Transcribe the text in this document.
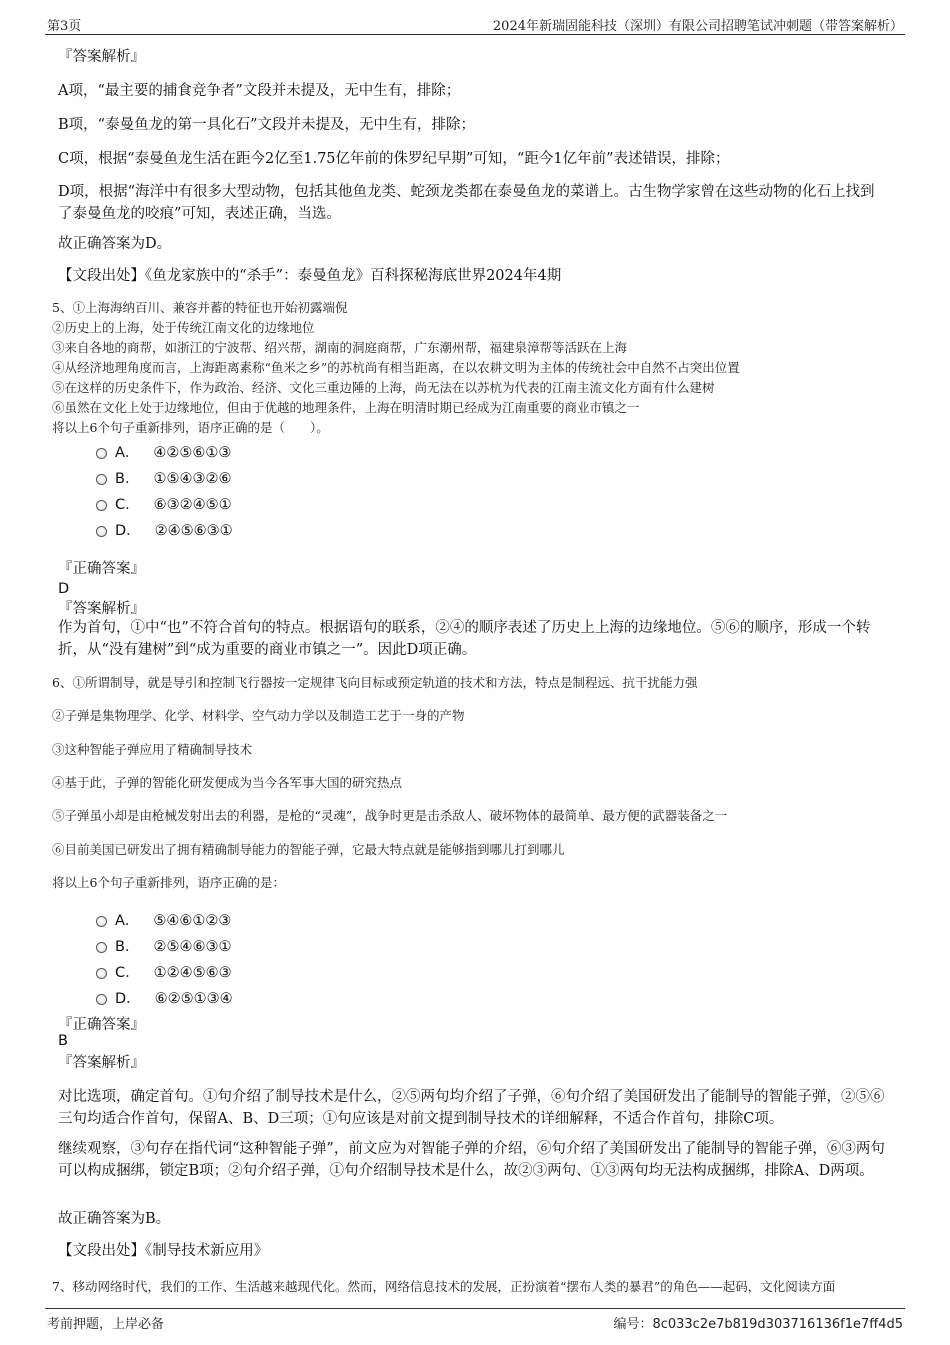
第3页	2024年新瑞固能科技（深圳）有限公司招聘笔试冲刺题（带答案解析）
『答案解析』
A项，“最主要的捕食竞争者”文段并未提及，无中生有，排除；
B项，“泰曼鱼龙的第一具化石”文段并未提及，无中生有，排除；
C项，根据“泰曼鱼龙生活在距今2亿至1.75亿年前的侏罗纪早期”可知，“距今1亿年前”表述错误，排除；
D项，根据“海洋中有很多大型动物，包括其他鱼龙类、蛇颈龙类都在泰曼鱼龙的菜谱上。古生物学家曾在这些动物的化石上找到了泰曼鱼龙的咬痕”可知，表述正确，当选。
故正确答案为D。
【文段出处】《鱼龙家族中的“杀手”：泰曼鱼龙》百科探秘海底世界2024年4期
5、①上海海纳百川、兼容并蓄的特征也开始初露端倪
②历史上的上海，处于传统江南文化的边缘地位
③来自各地的商帮，如浙江的宁波帮、绍兴帮，湖南的洞庭商帮，广东潮州帮，福建泉漳帮等活跃在上海
④从经济地理角度而言，上海距离素称“鱼米之乡”的苏杭尚有相当距离，在以农耕文明为主体的传统社会中自然不占突出位置
⑤在这样的历史条件下，作为政治、经济、文化三重边陲的上海，尚无法在以苏杭为代表的江南主流文化方面有什么建树
⑥虽然在文化上处于边缘地位，但由于优越的地理条件，上海在明清时期已经成为江南重要的商业市镇之一
将以上6个句子重新排列，语序正确的是（　　）。
A． ④②⑤⑥①③
B． ①⑤④③②⑥
C． ⑥③②④⑤①
D． ②④⑤⑥③①
『正确答案』
D
『答案解析』
作为首句，①中“也”不符合首句的特点。根据语句的联系，②④的顺序表述了历史上上海的边缘地位。⑤⑥的顺序，形成一个转折，从“没有建树”到“成为重要的商业市镇之一”。因此D项正确。
6、①所谓制导，就是导引和控制飞行器按一定规律飞向目标或预定轨道的技术和方法，特点是制程远、抗干扰能力强
②子弹是集物理学、化学、材料学、空气动力学以及制造工艺于一身的产物
③这种智能子弹应用了精确制导技术
④基于此，子弹的智能化研发便成为当今各军事大国的研究热点
⑤子弹虽小却是由枪械发射出去的利器，是枪的“灵魂”，战争时更是击杀敌人、破坏物体的最简单、最方便的武器装备之一
⑥目前美国已研发出了拥有精确制导能力的智能子弹，它最大特点就是能够指到哪儿打到哪儿
将以上6个句子重新排列，语序正确的是：
A． ⑤④⑥①②③
B． ②⑤④⑥③①
C． ①②④⑤⑥③
D． ⑥②⑤①③④
『正确答案』
B
『答案解析』
对比选项，确定首句。①句介绍了制导技术是什么，②⑤两句均介绍了子弹，⑥句介绍了美国研发出了能制导的智能子弹，②⑤⑥三句均适合作首句，保留A、B、D三项；①句应该是对前文提到制导技术的详细解释，不适合作首句，排除C项。
继续观察，③句存在指代词“这种智能子弹”，前文应为对智能子弹的介绍，⑥句介绍了美国研发出了能制导的智能子弹，⑥③两句可以构成捆绑，锁定B项；②句介绍子弹，①句介绍制导技术是什么，故②③两句、①③两句均无法构成捆绑，排除A、D两项。
故正确答案为B。
【文段出处】《制导技术新应用》
7、移动网络时代，我们的工作、生活越来越现代化。然而，网络信息技术的发展，正扮演着“摆布人类的暴君”的角色——起码，文化阅读方面
考前押题，上岸必备	编号：8c033c2e7b819d303716136f1e7ff4d5
